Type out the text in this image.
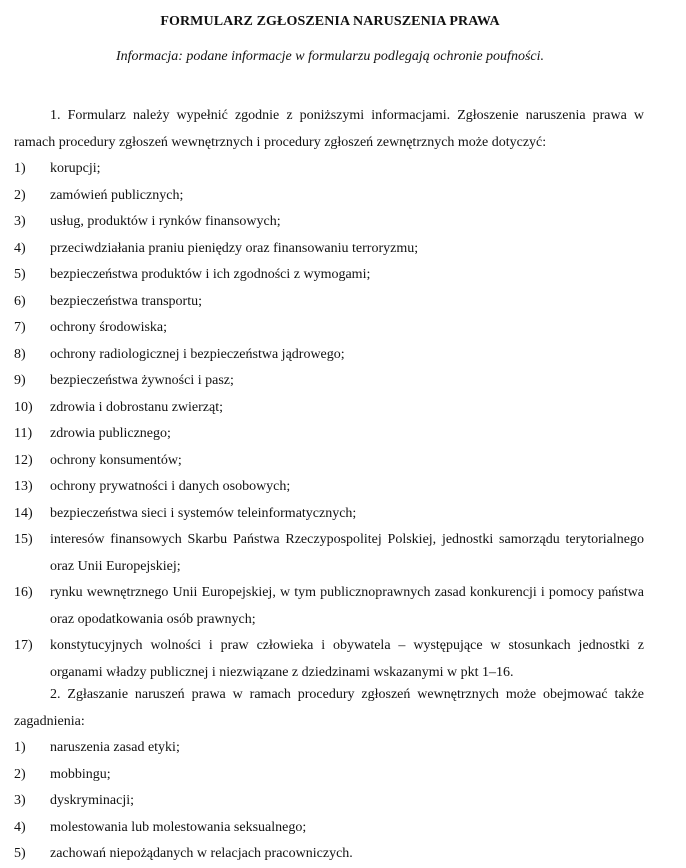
FORMULARZ ZGŁOSZENIA NARUSZENIA PRAWA
Informacja: podane informacje w formularzu podlegają ochronie poufności.
1. Formularz należy wypełnić zgodnie z poniższymi informacjami. Zgłoszenie naruszenia prawa w ramach procedury zgłoszeń wewnętrznych i procedury zgłoszeń zewnętrznych może dotyczyć:
1) korupcji;
2) zamówień publicznych;
3) usług, produktów i rynków finansowych;
4) przeciwdziałania praniu pieniędzy oraz finansowaniu terroryzmu;
5) bezpieczeństwa produktów i ich zgodności z wymogami;
6) bezpieczeństwa transportu;
7) ochrony środowiska;
8) ochrony radiologicznej i bezpieczeństwa jądrowego;
9) bezpieczeństwa żywności i pasz;
10) zdrowia i dobrostanu zwierząt;
11) zdrowia publicznego;
12) ochrony konsumentów;
13) ochrony prywatności i danych osobowych;
14) bezpieczeństwa sieci i systemów teleinformatycznych;
15) interesów finansowych Skarbu Państwa Rzeczypospolitej Polskiej, jednostki samorządu terytorialnego oraz Unii Europejskiej;
16) rynku wewnętrznego Unii Europejskiej, w tym publicznoprawnych zasad konkurencji i pomocy państwa oraz opodatkowania osób prawnych;
17) konstytucyjnych wolności i praw człowieka i obywatela – występujące w stosunkach jednostki z organami władzy publicznej i niezwiązane z dziedzinami wskazanymi w pkt 1–16.
2. Zgłaszanie naruszeń prawa w ramach procedury zgłoszeń wewnętrznych może obejmować także zagadnienia:
1) naruszenia zasad etyki;
2) mobbingu;
3) dyskryminacji;
4) molestowania lub molestowania seksualnego;
5) zachowań niepożądanych w relacjach pracowniczych.
